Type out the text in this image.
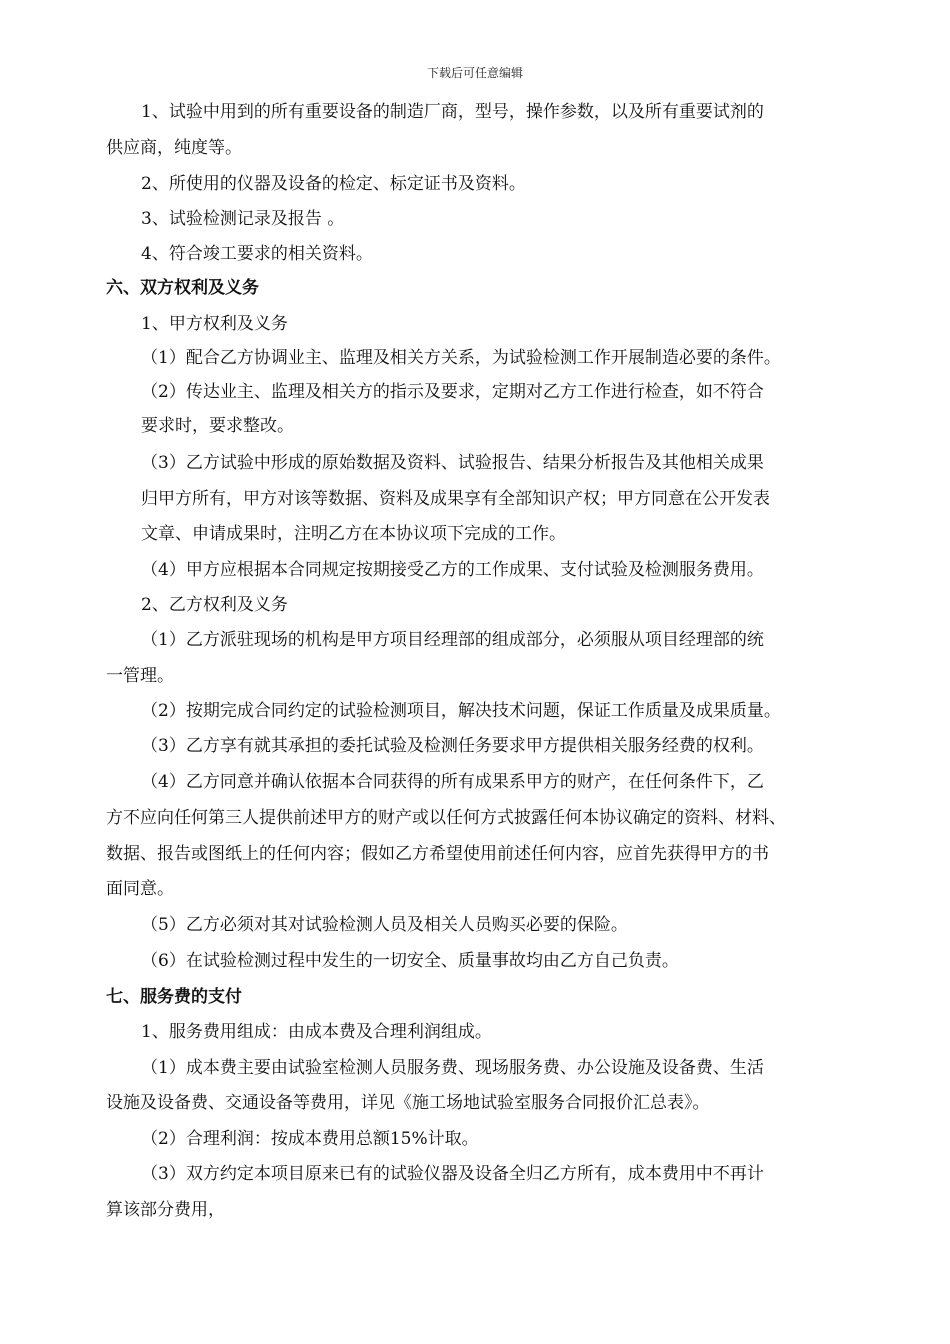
下载后可任意编辑
1、试验中用到的所有重要设备的制造厂商，型号，操作参数，以及所有重要试剂的
供应商，纯度等。
2、所使用的仪器及设备的检定、标定证书及资料。
3、试验检测记录及报告 。
4、符合竣工要求的相关资料。
六、双方权利及义务
1、甲方权利及义务
（1）配合乙方协调业主、监理及相关方关系，为试验检测工作开展制造必要的条件。
（2）传达业主、监理及相关方的指示及要求，定期对乙方工作进行检查，如不符合
要求时，要求整改。
（3）乙方试验中形成的原始数据及资料、试验报告、结果分析报告及其他相关成果
归甲方所有，甲方对该等数据、资料及成果享有全部知识产权；甲方同意在公开发表
文章、申请成果时，注明乙方在本协议项下完成的工作。
（4）甲方应根据本合同规定按期接受乙方的工作成果、支付试验及检测服务费用。
2、乙方权利及义务
（1）乙方派驻现场的机构是甲方项目经理部的组成部分，必须服从项目经理部的统
一管理。
（2）按期完成合同约定的试验检测项目，解决技术问题，保证工作质量及成果质量。
（3）乙方享有就其承担的委托试验及检测任务要求甲方提供相关服务经费的权利。
（4）乙方同意并确认依据本合同获得的所有成果系甲方的财产，在任何条件下，乙
方不应向任何第三人提供前述甲方的财产或以任何方式披露任何本协议确定的资料、材料、
数据、报告或图纸上的任何内容；假如乙方希望使用前述任何内容，应首先获得甲方的书
面同意。
（5）乙方必须对其对试验检测人员及相关人员购买必要的保险。
（6）在试验检测过程中发生的一切安全、质量事故均由乙方自己负责。
七、服务费的支付
1、服务费用组成：由成本费及合理利润组成。
（1）成本费主要由试验室检测人员服务费、现场服务费、办公设施及设备费、生活
设施及设备费、交通设备等费用，详见《施工场地试验室服务合同报价汇总表》。
（2）合理利润：按成本费用总额15%计取。
（3）双方约定本项目原来已有的试验仪器及设备全归乙方所有，成本费用中不再计
算该部分费用，
